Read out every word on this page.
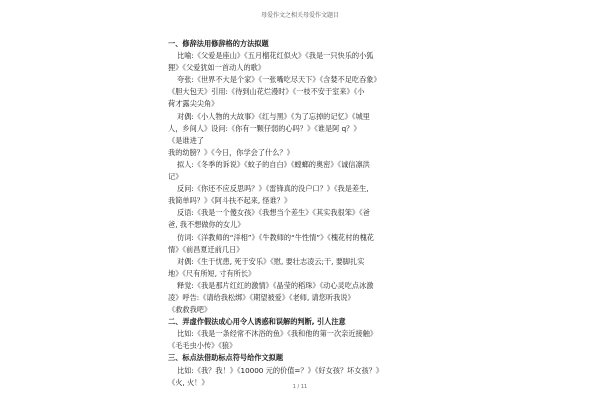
母爱作文之相关母爱作文题目
一、修辞法用修辞格的方法拟题
比喻:《父爱是座山》《五月榴花红似火》《我是一只快乐的小狐
狸》《父爱犹如一首动人的歌》
夸张:《世界不大是个家》《一张嘴吃尽天下》《含婪不足吃吞象》
《胆大包天》引用:《待到山花烂漫时》《一枝不安于室来》《小
荷才露尖尖角》
对偶:《小人物的大故事》《红与黑》《为了忘掉的记忆》《城里
人，乡间人》设问:《你有一颗仔弱的心吗？》《谁是阿 q？》
《是谁进了
我的幼膀？》《今日，你学会了什么？》
拟人:《冬季的诉说》《蚊子的自白》《螳螂的奥密》《诚信凛洪
记》
反问:《你还不应反思吗？》《雷锋真的没户口？》《我是差生,
我简单吗？》《阿斗扶不起来, 怪谁？》
反语:《我是一个傻女孩》《我想当个差生》《其实我很笨》《爸
爸, 我不想做你的女儿》
仿词:《洋教师的“洋相”》《牛教师的“牛性情”》《槐花村的槐花
情》《前昌夏迁前几日》
对偶:《生于忧患, 死于安乐》《慰, 要壮志凌云;干, 要脚扎实
地》《尺有所短, 寸有所长》
释觉:《我是那片红红的激情》《晶莹的稻珠》《动心灵吃点冰激
凌》呼告:《请给我松绑》《期望被爱》《老师, 请您听我说》
《救救我吧》
二、弄虚作假法成心用令人诱惑和误解的判断, 引人注意
比如:《我是一条经常不沐浴的鱼》《我和他的第一次亲近接触》
《毛毛虫小传》《狼》
三、标点法借助标点符号给作文拟题
比如:《我？我！》《10000 元的价值=？》《好女孩？坏女孩？》
《火, 火！》
1 / 11
